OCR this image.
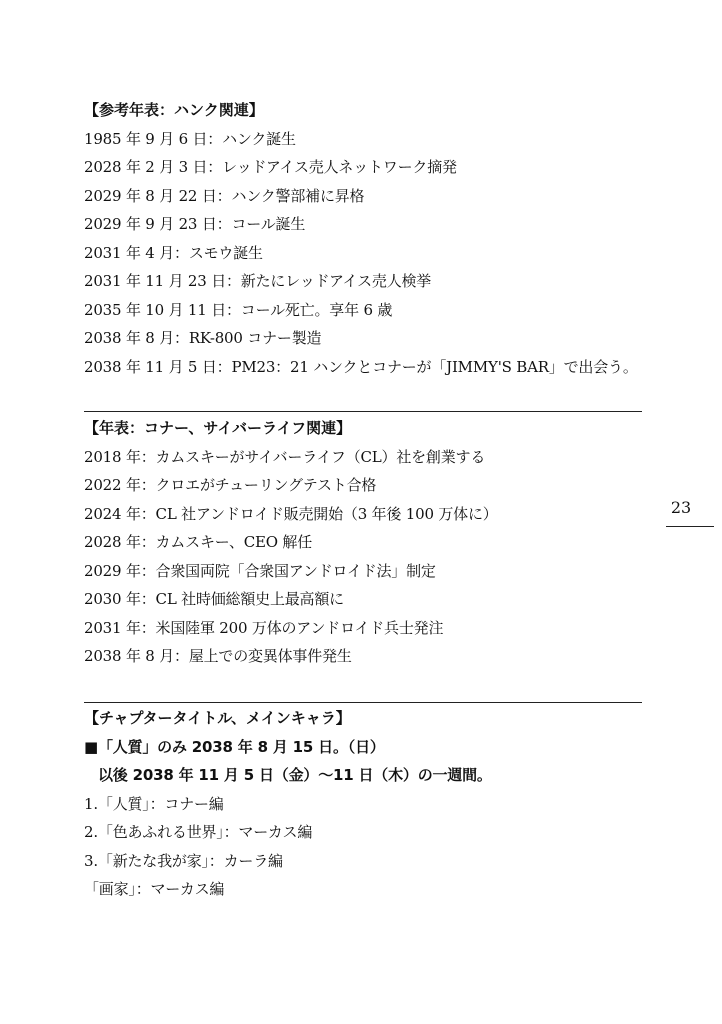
【参考年表：ハンク関連】
1985 年 9 月 6 日：ハンク誕生
2028 年 2 月 3 日：レッドアイス売人ネットワーク摘発
2029 年 8 月 22 日：ハンク警部補に昇格
2029 年 9 月 23 日：コール誕生
2031 年 4 月：スモウ誕生
2031 年 11 月 23 日：新たにレッドアイス売人検挙
2035 年 10 月 11 日：コール死亡。享年 6 歳
2038 年 8 月：RK-800 コナー製造
2038 年 11 月 5 日：PM23：21 ハンクとコナーが「JIMMY'S BAR」で出会う。
【年表：コナー、サイバーライフ関連】
2018 年：カムスキーがサイバーライフ（CL）社を創業する
2022 年：クロエがチューリングテスト合格
2024 年：CL 社アンドロイド販売開始（3 年後 100 万体に）
2028 年：カムスキー、CEO 解任
2029 年：合衆国両院「合衆国アンドロイド法」制定
2030 年：CL 社時価総額史上最高額に
2031 年：米国陸軍 200 万体のアンドロイド兵士発注
2038 年 8 月：屋上での変異体事件発生
【チャプタータイトル、メインキャラ】
■「人質」のみ 2038 年 8 月 15 日。（日）
以後 2038 年 11 月 5 日（金）〜11 日（木）の一週間。
1.「人質」：コナー編
2.「色あふれる世界」：マーカス編
3.「新たな我が家」：カーラ編
「画家」：マーカス編
23
